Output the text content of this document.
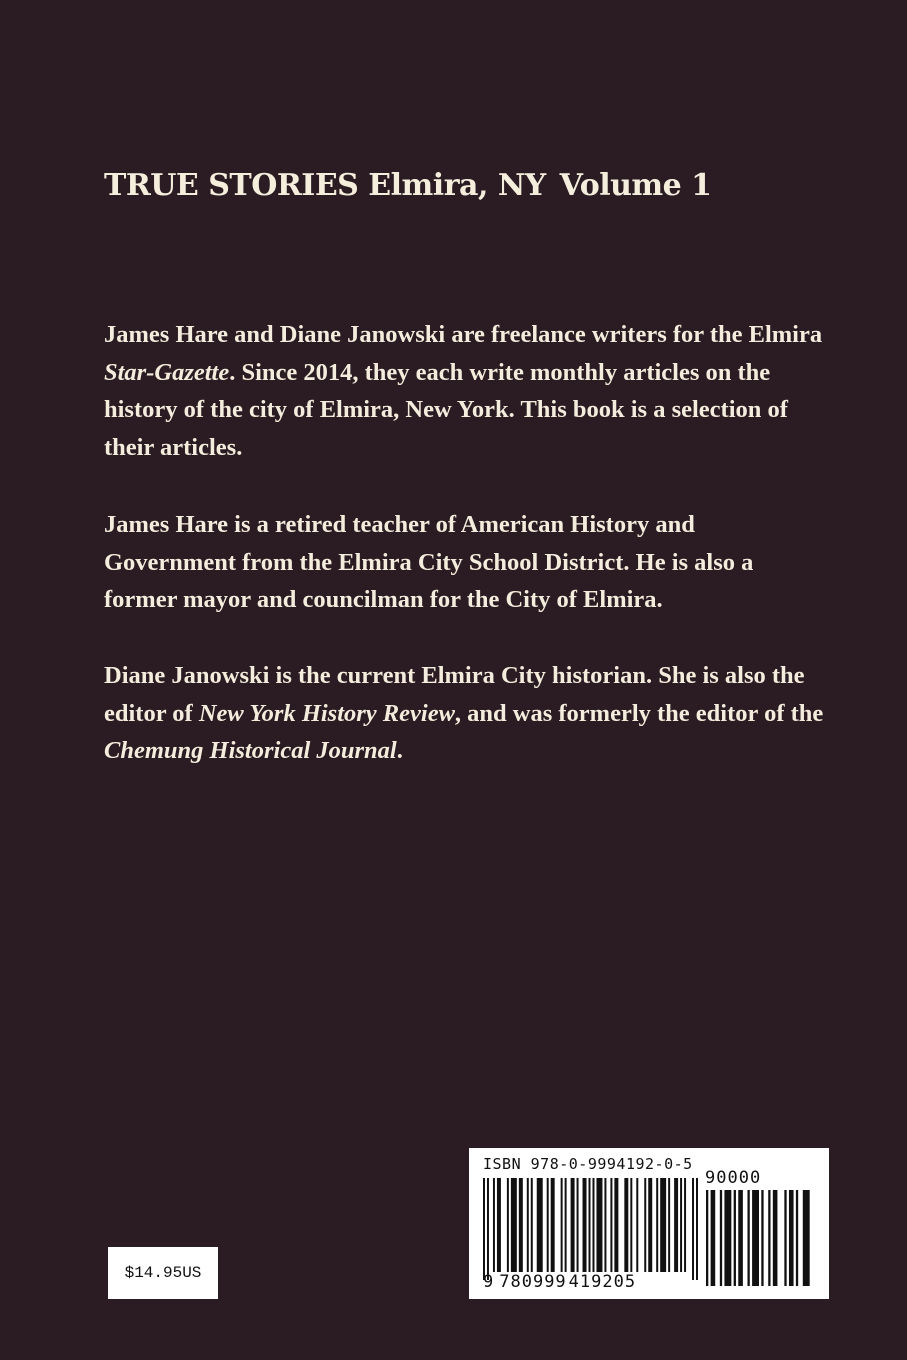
TRUE STORIES Elmira, NY Volume 1

James Hare and Diane Janowski are freelance writers for the Elmira Star-Gazette. Since 2014, they each write monthly articles on the history of the city of Elmira, New York. This book is a selection of their articles.

James Hare is a retired teacher of American History and Government from the Elmira City School District. He is also a former mayor and councilman for the City of Elmira.

Diane Janowski is the current Elmira City historian. She is also the editor of New York History Review, and was formerly the editor of the Chemung Historical Journal.

$14.95US
ISBN 978-0-9994192-0-5
90000
9 780999 419205
